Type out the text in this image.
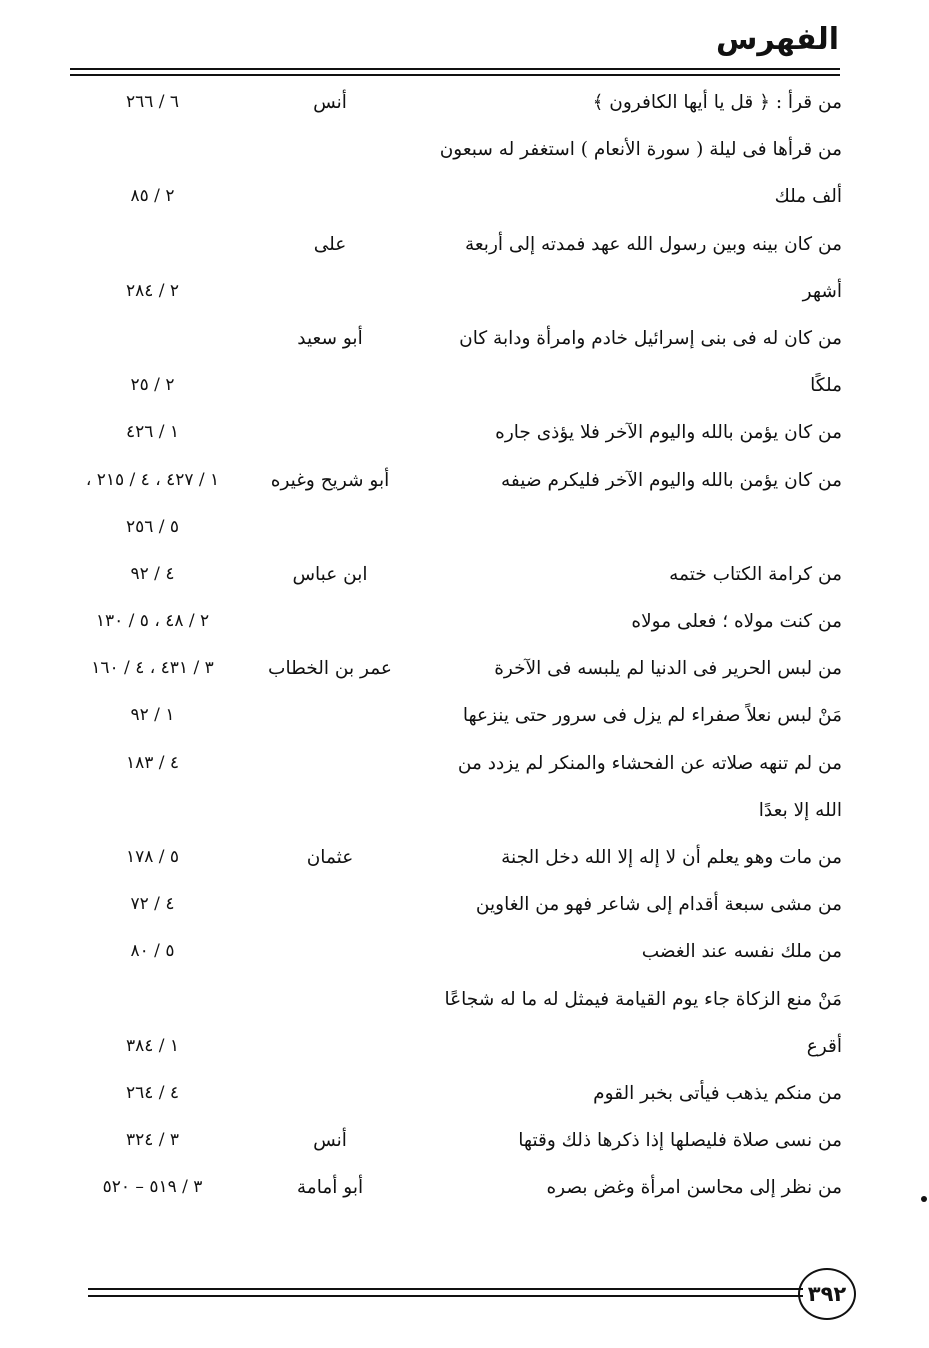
الفهرس
من قرأ : ﴿ قل يا أيها الكافرون ﴾
أنس
٦ / ٢٦٦
من قرأها فى ليلة ( سورة الأنعام ) استغفر له سبعون
ألف ملك
٢ / ٨٥
من كان بينه وبين رسول الله عهد فمدته إلى أربعة
على
أشهر
٢ / ٢٨٤
من كان له فى بنى إسرائيل خادم وامرأة ودابة كان
أبو سعيد
ملكًا
٢ / ٢٥
من كان يؤمن بالله واليوم الآخر فلا يؤذى جاره
١ / ٤٢٦
من كان يؤمن بالله واليوم الآخر فليكرم ضيفه
أبو شريح وغيره
١ / ٤٢٧ ، ٤ / ٢١٥ ،
٥ / ٢٥٦
من كرامة الكتاب ختمه
ابن عباس
٤ / ٩٢
من كنت مولاه ؛ فعلى مولاه
٢ / ٤٨ ، ٥ / ١٣٠
من لبس الحرير فى الدنيا لم يلبسه فى الآخرة
عمر بن الخطاب
٣ / ٤٣١ ، ٤ / ١٦٠
مَنْ لبس نعلاً صفراء لم يزل فى سرور حتى ينزعها
١ / ٩٢
من لم تنهه صلاته عن الفحشاء والمنكر لم يزدد من
٤ / ١٨٣
الله إلا بعدًا
من مات وهو يعلم أن لا إله إلا الله دخل الجنة
عثمان
٥ / ١٧٨
من مشى سبعة أقدام إلى شاعر فهو من الغاوين
٤ / ٧٢
من ملك نفسه عند الغضب
٥ / ٨٠
مَنْ منع الزكاة جاء يوم القيامة فيمثل له ما له شجاعًا
أقرع
١ / ٣٨٤
من منكم يذهب فيأتى بخبر القوم
٤ / ٢٦٤
من نسى صلاة فليصلها إذا ذكرها ذلك وقتها
أنس
٣ / ٣٢٤
من نظر إلى محاسن امرأة وغض بصره
أبو أمامة
٣ / ٥١٩ – ٥٢٠
٣٩٢
